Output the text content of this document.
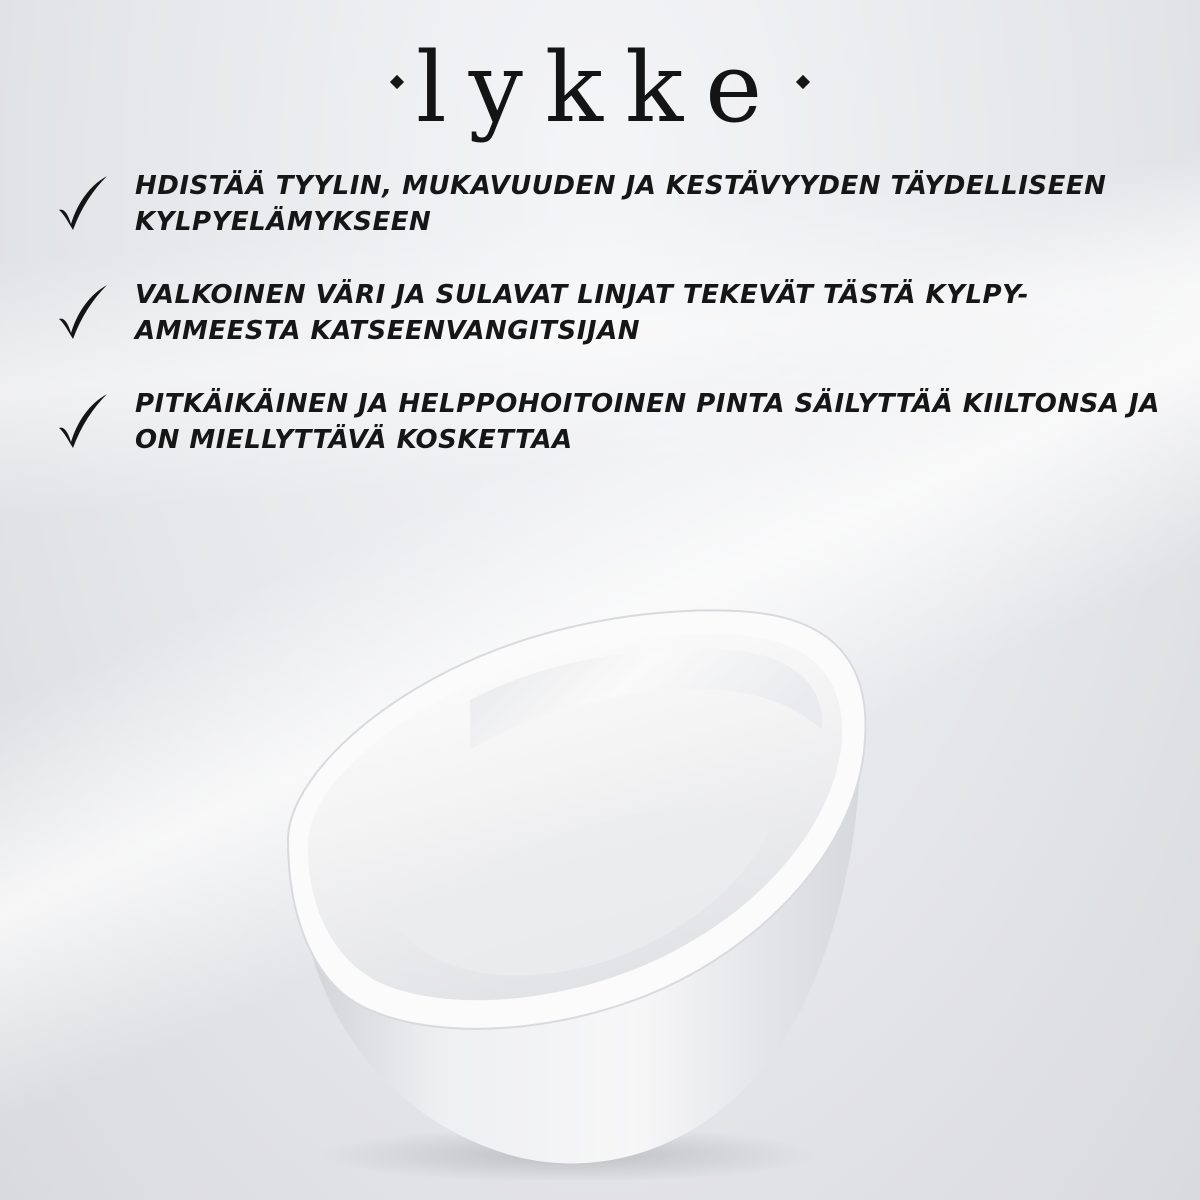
lykke
HDISTÄÄ TYYLIN, MUKAVUUDEN JA KESTÄVYYDEN TÄYDELLISEEN KYLPYELÄMYKSEEN
VALKOINEN VÄRI JA SULAVAT LINJAT TEKEVÄT TÄSTÄ KYLPY-AMMEESTA KATSEENVANGITSIJAN
PITKÄIKÄINEN JA HELPPOHOITOINEN PINTA SÄILYTTÄÄ KIILTONSA JA ON MIELLYTTÄVÄ KOSKETTAA
